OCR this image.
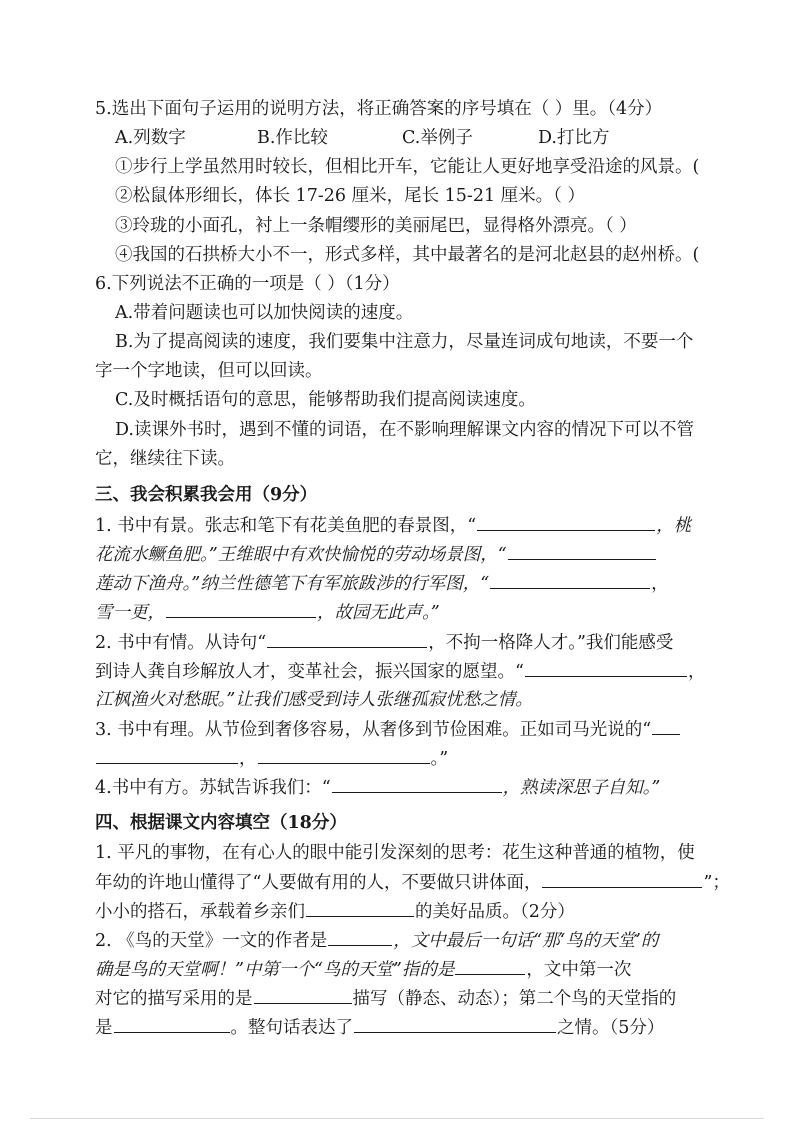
5.选出下面句子运用的说明方法，将正确答案的序号填在（ ）里。（4分）
A.列数字	B.作比较	C.举例子	D.打比方
①步行上学虽然用时较长，但相比开车，它能让人更好地享受沿途的风景。(
②松鼠体形细长，体长 17-26 厘米，尾长 15-21 厘米。（ ）
③玲珑的小面孔，衬上一条帽缨形的美丽尾巴，显得格外漂亮。（ ）
④我国的石拱桥大小不一，形式多样，其中最著名的是河北赵县的赵州桥。(
6.下列说法不正确的一项是（ ）（1分）
A.带着问题读也可以加快阅读的速度。
B.为了提高阅读的速度，我们要集中注意力，尽量连词成句地读，不要一个
字一个字地读，但可以回读。
C.及时概括语句的意思，能够帮助我们提高阅读速度。
D.读课外书时，遇到不懂的词语，在不影响理解课文内容的情况下可以不管
它，继续往下读。
三、我会积累我会用（9分）
1. 书中有景。张志和笔下有花美鱼肥的春景图，“	，桃
花流水鳜鱼肥。”王维眼中有欢快愉悦的劳动场景图，“
莲动下渔舟。”纳兰性德笔下有军旅跋涉的行军图，“	，
雪一更，	，故园无此声。”
2. 书中有情。从诗句“	，不拘一格降人才。”我们能感受
到诗人龚自珍解放人才，变革社会，振兴国家的愿望。“	，
江枫渔火对愁眠。”让我们感受到诗人张继孤寂忧愁之情。
3. 书中有理。从节俭到奢侈容易，从奢侈到节俭困难。正如司马光说的“
，	。”
4.书中有方。苏轼告诉我们：“	，熟读深思子自知。”
四、根据课文内容填空（18分）
1. 平凡的事物，在有心人的眼中能引发深刻的思考：花生这种普通的植物，使
年幼的许地山懂得了“人要做有用的人，不要做只讲体面，	”；
小小的搭石，承载着乡亲们	的美好品质。（2分）
2. 《鸟的天堂》一文的作者是	，文中最后一句话“那‘鸟的天堂’的
确是鸟的天堂啊！”中第一个“鸟的天堂”指的是	，文中第一次
对它的描写采用的是	描写（静态、动态）；第二个鸟的天堂指的
是	。整句话表达了	之情。（5分）
